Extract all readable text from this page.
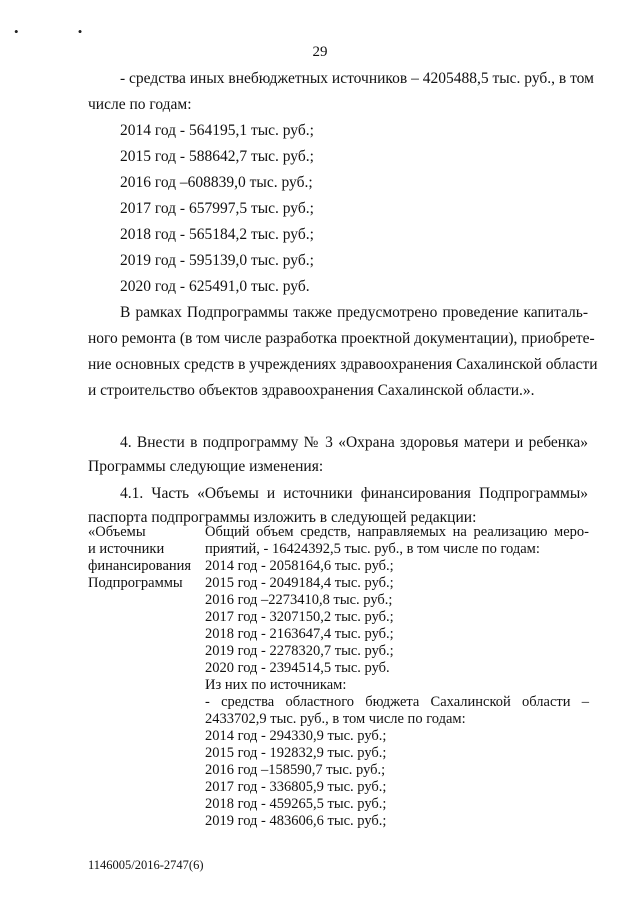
• •
29
- средства иных внебюджетных источников – 4205488,5 тыс. руб., в том
числе по годам:
2014 год - 564195,1 тыс. руб.;
2015 год - 588642,7 тыс. руб.;
2016 год –608839,0 тыс. руб.;
2017 год - 657997,5 тыс. руб.;
2018 год - 565184,2 тыс. руб.;
2019 год - 595139,0 тыс. руб.;
2020 год - 625491,0 тыс. руб.
В рамках Подпрограммы также предусмотрено проведение капиталь-
ного ремонта (в том числе разработка проектной документации), приобрете-
ние основных средств в учреждениях здравоохранения Сахалинской области
и строительство объектов здравоохранения Сахалинской области.».
4. Внести в подпрограмму № 3 «Охрана здоровья матери и ребенка»
Программы следующие изменения:
4.1. Часть «Объемы и источники финансирования Подпрограммы»
паспорта подпрограммы изложить в следующей редакции:
«Объемы
и источники
финансирования
Подпрограммы
Общий объем средств, направляемых на реализацию меро-
приятий, - 16424392,5 тыс. руб., в том числе по годам:
2014 год - 2058164,6 тыс. руб.;
2015 год - 2049184,4 тыс. руб.;
2016 год –2273410,8 тыс. руб.;
2017 год - 3207150,2 тыс. руб.;
2018 год - 2163647,4 тыс. руб.;
2019 год - 2278320,7 тыс. руб.;
2020 год - 2394514,5 тыс. руб.
Из них по источникам:
- средства областного бюджета Сахалинской области –
2433702,9 тыс. руб., в том числе по годам:
2014 год - 294330,9 тыс. руб.;
2015 год - 192832,9 тыс. руб.;
2016 год –158590,7 тыс. руб.;
2017 год - 336805,9 тыс. руб.;
2018 год - 459265,5 тыс. руб.;
2019 год - 483606,6 тыс. руб.;
1146005/2016-2747(6)
